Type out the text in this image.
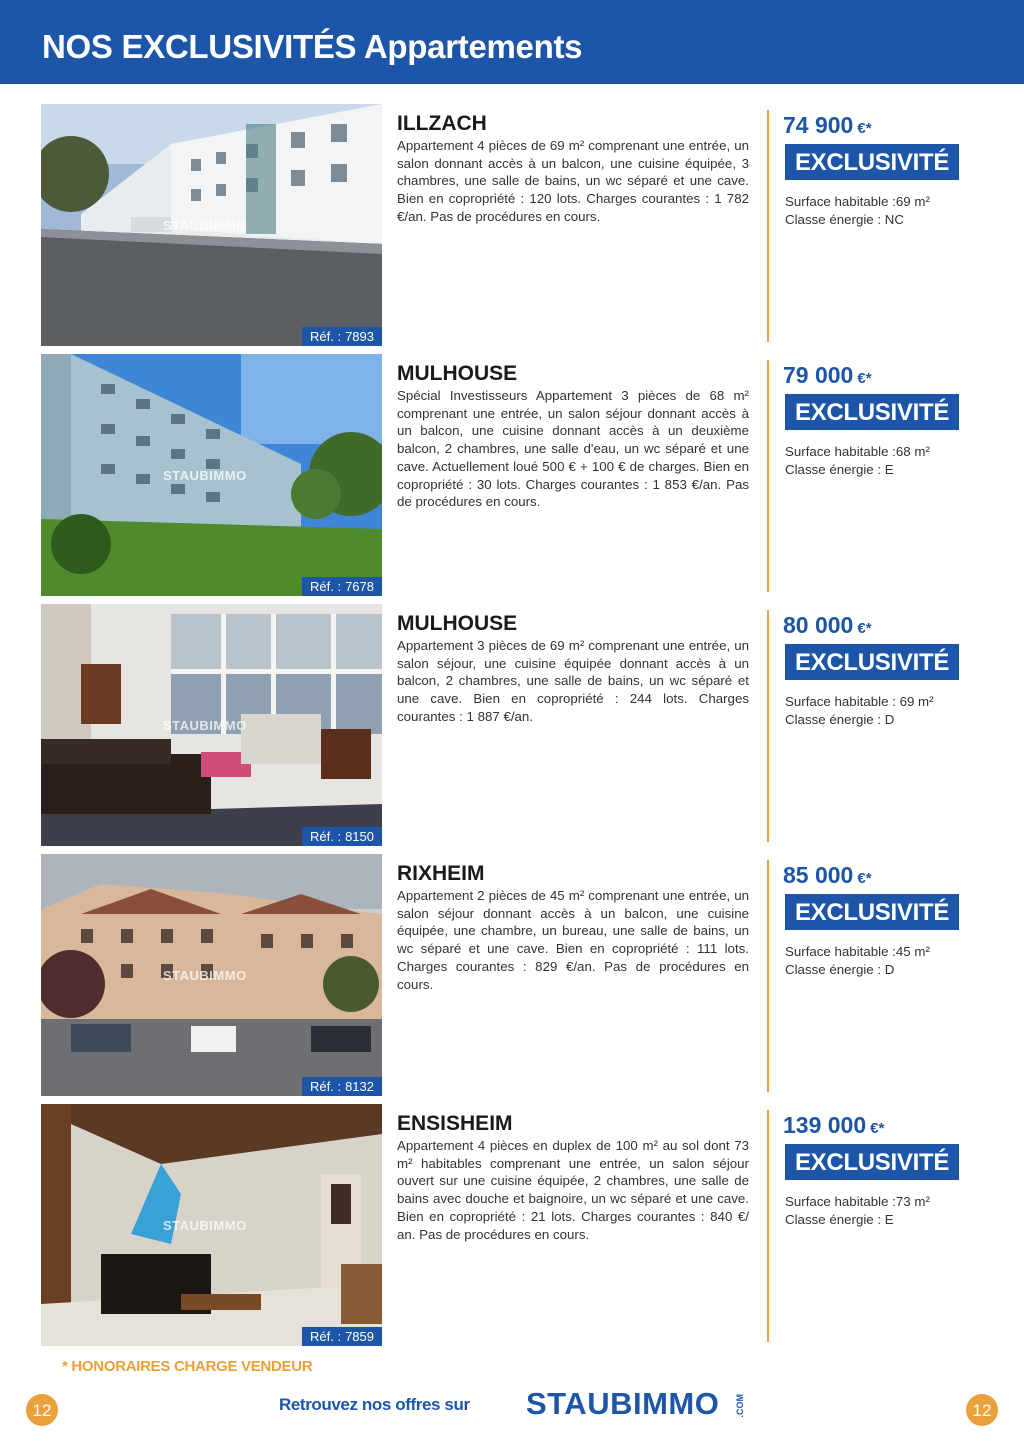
NOS EXCLUSIVITÉS Appartements
STAUBIMMO
Réf. : 7893
ILLZACH
Appartement 4 pièces de 69 m² comprenant une entrée, un salon donnant accès à un balcon, une cuisine équipée, 3 chambres, une salle de bains, un wc séparé et une cave. Bien en copropriété : 120 lots. Charges courantes : 1 782 €/an. Pas de procédures en cours.
74 900 €*
EXCLUSIVITÉ
Surface habitable :69 m²
Classe énergie : NC
STAUBIMMO
Réf. : 7678
MULHOUSE
Spécial Investisseurs Appartement 3 pièces de 68 m² comprenant une entrée, un salon séjour donnant accès à un balcon, une cuisine donnant accès à un deuxième balcon, 2 chambres, une salle d'eau, un wc séparé et une cave. Actuellement loué 500 € + 100 € de charges. Bien en copropriété : 30 lots. Charges courantes : 1 853 €/an. Pas de procédures en cours.
79 000 €*
EXCLUSIVITÉ
Surface habitable :68 m²
Classe énergie : E
STAUBIMMO
Réf. : 8150
MULHOUSE
Appartement 3 pièces de 69 m² comprenant une entrée, un salon séjour, une cuisine équipée donnant accès à un balcon, 2 chambres, une salle de bains, un wc séparé et une cave. Bien en copropriété : 244 lots. Charges courantes : 1 887 €/an.
80 000 €*
EXCLUSIVITÉ
Surface habitable : 69 m²
Classe énergie : D
STAUBIMMO
Réf. : 8132
RIXHEIM
Appartement 2 pièces de 45 m² comprenant une entrée, un salon séjour donnant accès à un balcon, une cuisine équipée, une chambre, un bureau, une salle de bains, un wc séparé et une cave. Bien en copropriété : 111 lots. Charges courantes : 829 €/an. Pas de procédures en cours.
85 000 €*
EXCLUSIVITÉ
Surface habitable :45 m²
Classe énergie : D
STAUBIMMO
Réf. : 7859
ENSISHEIM
Appartement 4 pièces en duplex de 100 m² au sol dont 73 m² habitables comprenant une entrée, un salon séjour ouvert sur une cuisine équipée, 2 chambres, une salle de bains avec douche et baignoire, un wc séparé et une cave. Bien en copropriété : 21 lots. Charges courantes : 840 €/ an. Pas de procédures en cours.
139 000 €*
EXCLUSIVITÉ
Surface habitable :73 m²
Classe énergie : E
* HONORAIRES CHARGE VENDEUR
12	Retrouvez nos offres sur STAUBIMMO .COM	12
